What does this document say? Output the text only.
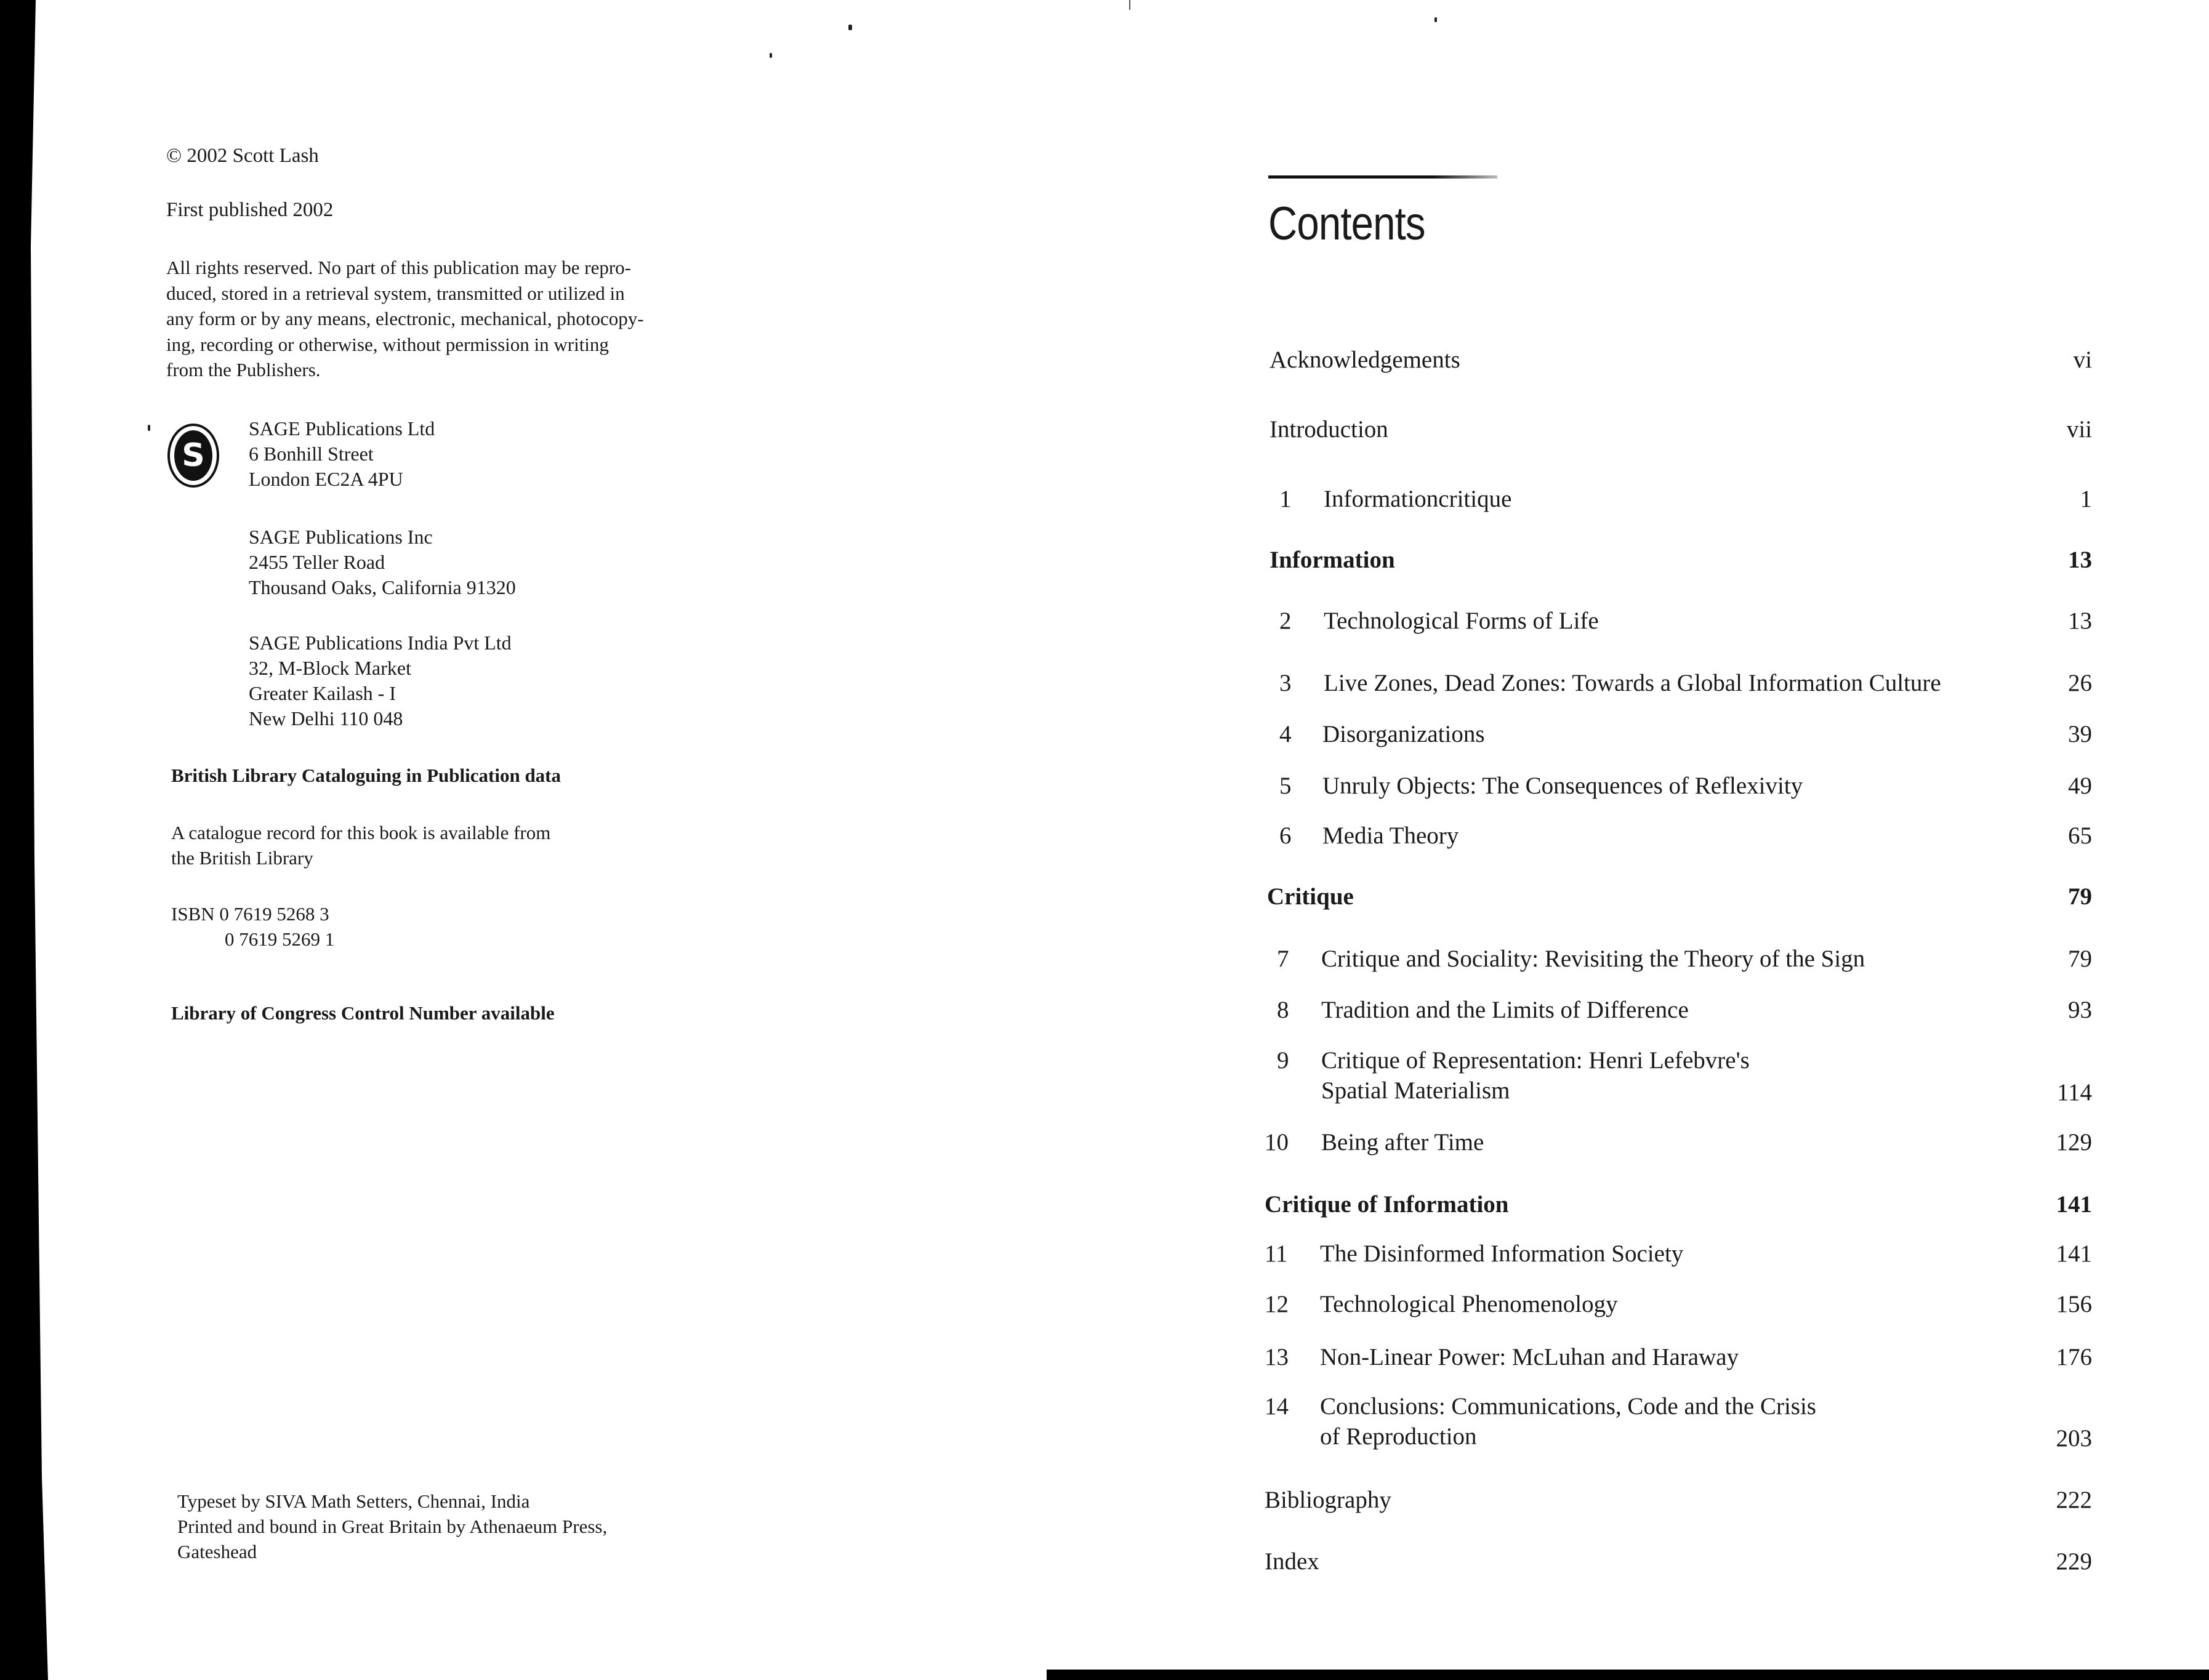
© 2002 Scott Lash

First published 2002

All rights reserved. No part of this publication may be repro-
duced, stored in a retrieval system, transmitted or utilized in
any form or by any means, electronic, mechanical, photocopy-
ing, recording or otherwise, without permission in writing
from the Publishers.
S
SAGE Publications Ltd
6 Bonhill Street
London EC2A 4PU
SAGE Publications Inc
2455 Teller Road
Thousand Oaks, California 91320
SAGE Publications India Pvt Ltd
32, M-Block Market
Greater Kailash - I
New Delhi 110 048
British Library Cataloguing in Publication data
A catalogue record for this book is available from
the British Library
ISBN 0 7619 5268 3
0 7619 5269 1
Library of Congress Control Number available
Typeset by SIVA Math Setters, Chennai, India
Printed and bound in Great Britain by Athenaeum Press,
Gateshead
Contents
Acknowledgements	vi
Introduction	vii
1 Informationcritique	1
Information	13
2 Technological Forms of Life	13
3 Live Zones, Dead Zones: Towards a Global Information Culture	26
4 Disorganizations	39
5 Unruly Objects: The Consequences of Reflexivity	49
6 Media Theory	65
Critique	79
7 Critique and Sociality: Revisiting the Theory of the Sign	79
8 Tradition and the Limits of Difference	93
9 Critique of Representation: Henri Lefebvre's
Spatial Materialism	114
10 Being after Time	129
Critique of Information	141
11 The Disinformed Information Society	141
12 Technological Phenomenology	156
13 Non-Linear Power: McLuhan and Haraway	176
14 Conclusions: Communications, Code and the Crisis
of Reproduction	203
Bibliography	222
Index	229
